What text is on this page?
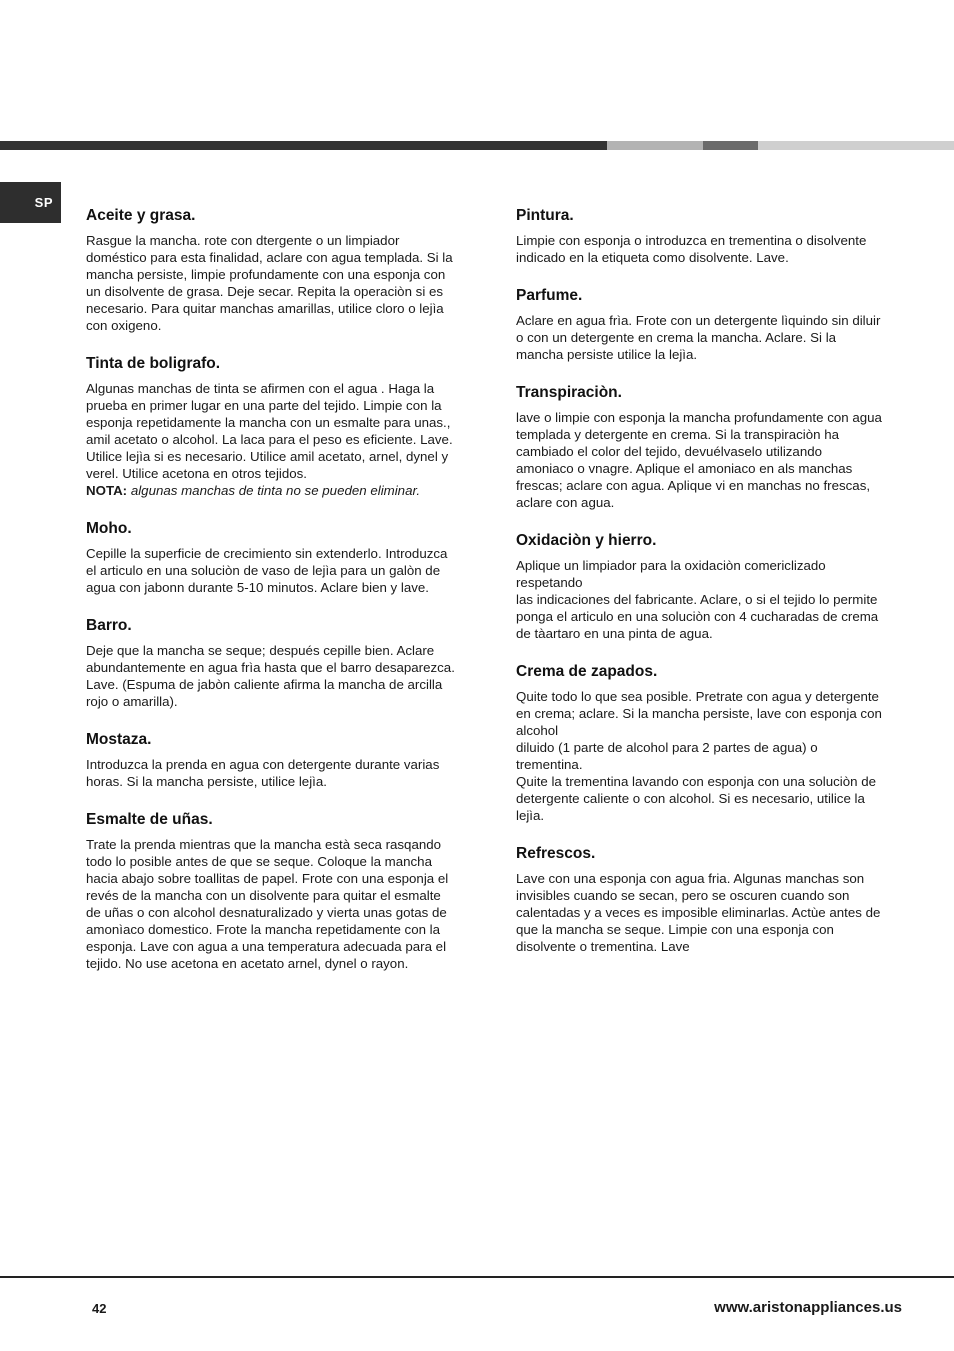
SP
Aceite y grasa.

Rasgue la mancha. rote con dtergente o un limpiador
doméstico para esta finalidad, aclare con agua templada. Si la
mancha persiste, limpie profundamente con una esponja con
un disolvente de grasa. Deje secar. Repita la operaciòn si es
necesario. Para quitar manchas amarillas, utilice cloro o lejìa
con oxigeno.

Tinta de boligrafo.

Algunas manchas de tinta se afirmen con el agua . Haga la
prueba en primer lugar en una parte del tejido. Limpie con la
esponja repetidamente la mancha con un esmalte para unas.,
amil acetato o alcohol. La laca para el peso es eficiente. Lave.
Utilice lejìa si es necesario. Utilice amil acetato, arnel, dynel y
verel. Utilice acetona en otros tejidos.

NOTA: algunas manchas de tinta no se pueden eliminar.
Moho.

Cepille la superficie de crecimiento sin extenderlo. Introduzca
el articulo en una soluciòn de vaso de lejìa para un galòn de
agua con jabonn durante 5-10 minutos. Aclare bien y lave.

Barro.

Deje que la mancha se seque; después cepille bien. Aclare
abundantemente en agua frìa hasta que el barro desaparezca.
Lave. (Espuma de jabòn caliente afirma la mancha de arcilla
rojo o amarilla).

Mostaza.

Introduzca la prenda en agua con detergente durante varias
horas. Si la mancha persiste, utilice lejìa.

Esmalte de uñas.

Trate la prenda mientras que la mancha està seca rasqando
todo lo posible antes de que se seque. Coloque la mancha
hacia abajo sobre toallitas de papel. Frote con una esponja el
revés de la mancha con un disolvente para quitar el esmalte
de uñas o con alcohol desnaturalizado y vierta unas gotas de
amonìaco domestico. Frote la mancha repetidamente con la
esponja. Lave con agua a una temperatura adecuada para el
tejido. No use acetona en acetato arnel, dynel o rayon.

Pintura.

Limpie con esponja o introduzca en trementina o disolvente
indicado en la etiqueta como disolvente. Lave.

Parfume.

Aclare en agua frìa. Frote con un detergente lìquindo sin diluir
o con un detergente en crema la mancha. Aclare. Si la
mancha persiste utilice la lejìa.

Transpiraciòn.

lave o limpie con esponja la mancha profundamente con agua
templada y detergente en crema. Si la transpiraciòn ha
cambiado el color del tejido, devuélvaselo utilizando
amoniaco o vnagre. Aplique el amoniaco en als manchas
frescas; aclare con agua. Aplique vi en manchas no frescas,
aclare con agua.

Oxidaciòn y hierro.

Aplique un limpiador para la oxidaciòn comericlizado
respetando
las indicaciones del fabricante. Aclare, o si el tejido lo permite
ponga el articulo en una soluciòn con 4 cucharadas de crema
de tàartaro en una pinta de agua.

Crema de zapados.

Quite todo lo que sea posible. Pretrate con agua y detergente
en crema; aclare. Si la mancha persiste, lave con esponja con
alcohol
diluido (1 parte de alcohol para 2 partes de agua) o
trementina.
Quite la trementina lavando con esponja con una soluciòn de
detergente caliente o con alcohol. Si es necesario, utilice la
lejìa.

Refrescos.

Lave con una esponja con agua fria. Algunas manchas son
invisibles cuando se secan, pero se oscuren cuando son
calentadas y a veces es imposible eliminarlas. Actùe antes de
que la mancha se seque. Limpie con una esponja con
disolvente o trementina. Lave

42	www.aristonappliances.us
